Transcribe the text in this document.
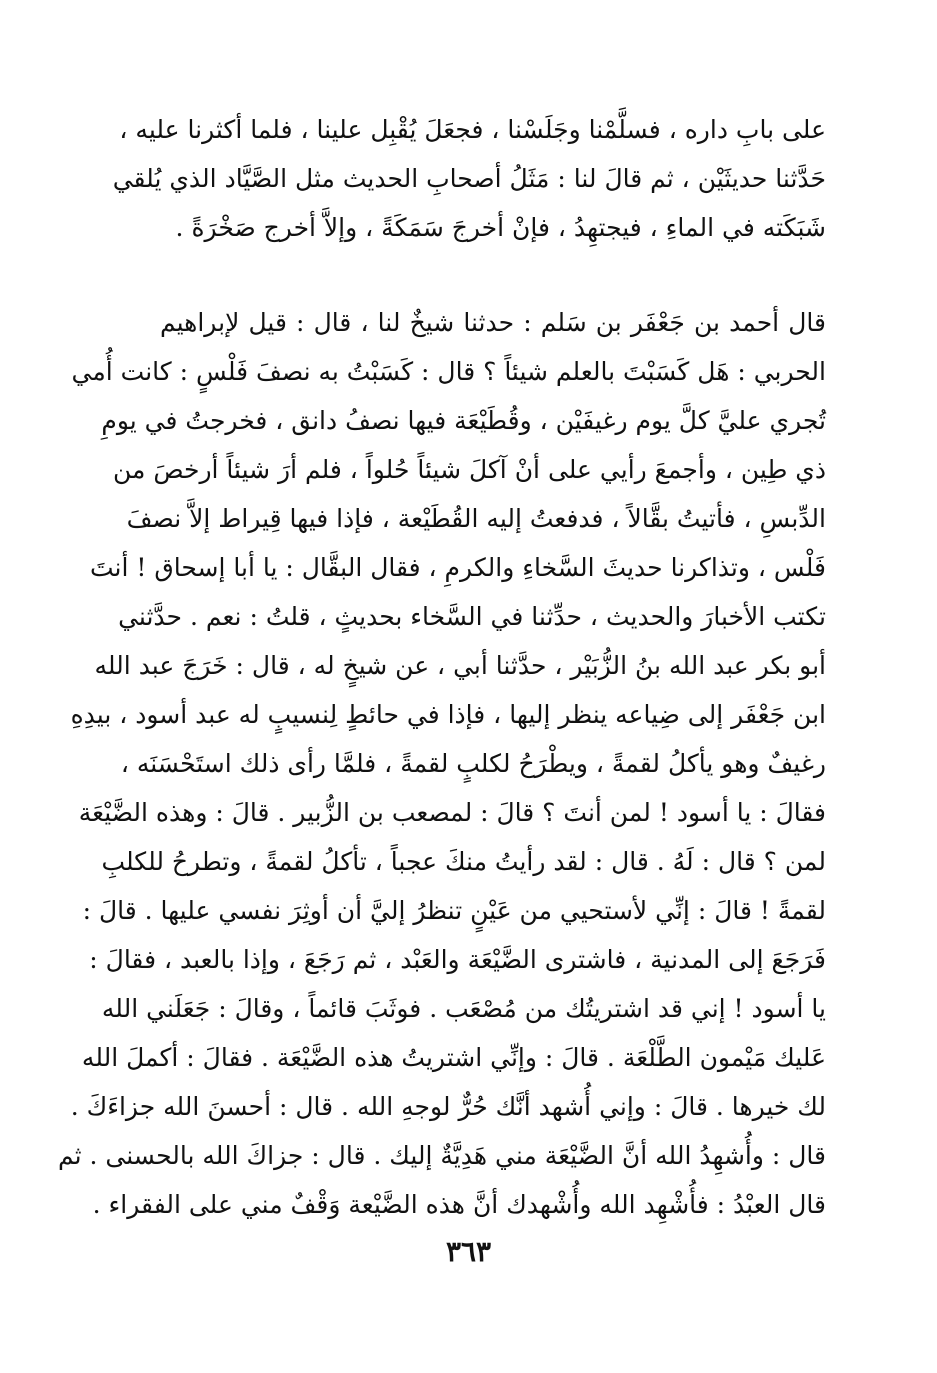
على بابِ داره ، فسلَّمْنا وجَلَسْنا ، فجعَلَ يُقْبِل علينا ، فلما أكثرنا عليه ،
حَدَّثنا حديثَيْن ، ثم قالَ لنا : مَثَلُ أصحابِ الحديث مثل الصَّيَّاد الذي يُلقي
شَبَكَته في الماءِ ، فيجتهِدُ ، فإنْ أخرجَ سَمَكَةً ، وإلاَّ أخرج صَخْرَةً .
قال أحمد بن جَعْفَر بن سَلم : حدثنا شيخٌ لنا ، قال : قيل لإبراهيم
الحربي : هَل كَسَبْتَ بالعلم شيئاً ؟ قال : كَسَبْتُ به نصفَ فَلْسٍ : كانت أُمي
تُجري عليَّ كلَّ يوم رغيفَيْن ، وقُطَيْعَة فيها نصفُ دانق ، فخرجتُ في يومِ
ذي طِين ، وأجمعَ رأيي على أنْ آكلَ شيئاً حُلواً ، فلم أرَ شيئاً أرخصَ من
الدِّبسِ ، فأتيتُ بقَّالاً ، فدفعتُ إليه القُطَيْعة ، فإذا فيها قِيراط إلاَّ نصفَ
فَلْس ، وتذاكرنا حديثَ السَّخاءِ والكرمِ ، فقال البقَّال : يا أبا إسحاق ! أنتَ
تكتب الأخبارَ والحديث ، حدِّثنا في السَّخاء بحديثٍ ، قلتُ : نعم . حدَّثني
أبو بكر عبد الله بنُ الزُّبَيْر ، حدَّثنا أبي ، عن شيخٍ له ، قال : خَرَجَ عبد الله
ابن جَعْفَر إلى ضِياعه ينظر إليها ، فإذا في حائطٍ لِنسيبٍ له عبد أسود ، بيدِهِ
رغيفٌ وهو يأكلُ لقمةً ، ويطْرَحُ لكلبٍ لقمةً ، فلمَّا رأى ذلك استَحْسَنَه ،
فقالَ : يا أسود ! لمن أنتَ ؟ قالَ : لمصعب بن الزُّبير . قالَ : وهذه الضَّيْعَة
لمن ؟ قال : لَهُ . قال : لقد رأيتُ منكَ عجباً ، تأكلُ لقمةً ، وتطرحُ للكلبِ
لقمةً ! قالَ : إنِّي لأستحيي من عَيْنٍ تنظرُ إليَّ أن أوثِرَ نفسي عليها . قالَ :
فَرَجَعَ إلى المدنية ، فاشترى الضَّيْعَة والعَبْد ، ثم رَجَعَ ، وإذا بالعبد ، فقالَ :
يا أسود ! إني قد اشتريتُك من مُصْعَب . فوثَبَ قائماً ، وقالَ : جَعَلَني الله
عَليك مَيْمون الطَّلْعَة . قالَ : وإنِّي اشتريتُ هذه الضَّيْعَة . فقالَ : أكملَ الله
لك خيرها . قالَ : وإني أُشهد أنَّك حُرٌّ لوجهِ الله . قال : أحسنَ الله جزاءَكَ .
قال : وأُشهِدُ الله أنَّ الضَّيْعَة مني هَدِيَّةٌ إليك . قال : جزاكَ الله بالحسنى . ثم
قال العبْدُ : فأُشْهِد الله وأُشْهدك أنَّ هذه الضَّيْعة وَقْفٌ مني على الفقراء .
٣٦٣
